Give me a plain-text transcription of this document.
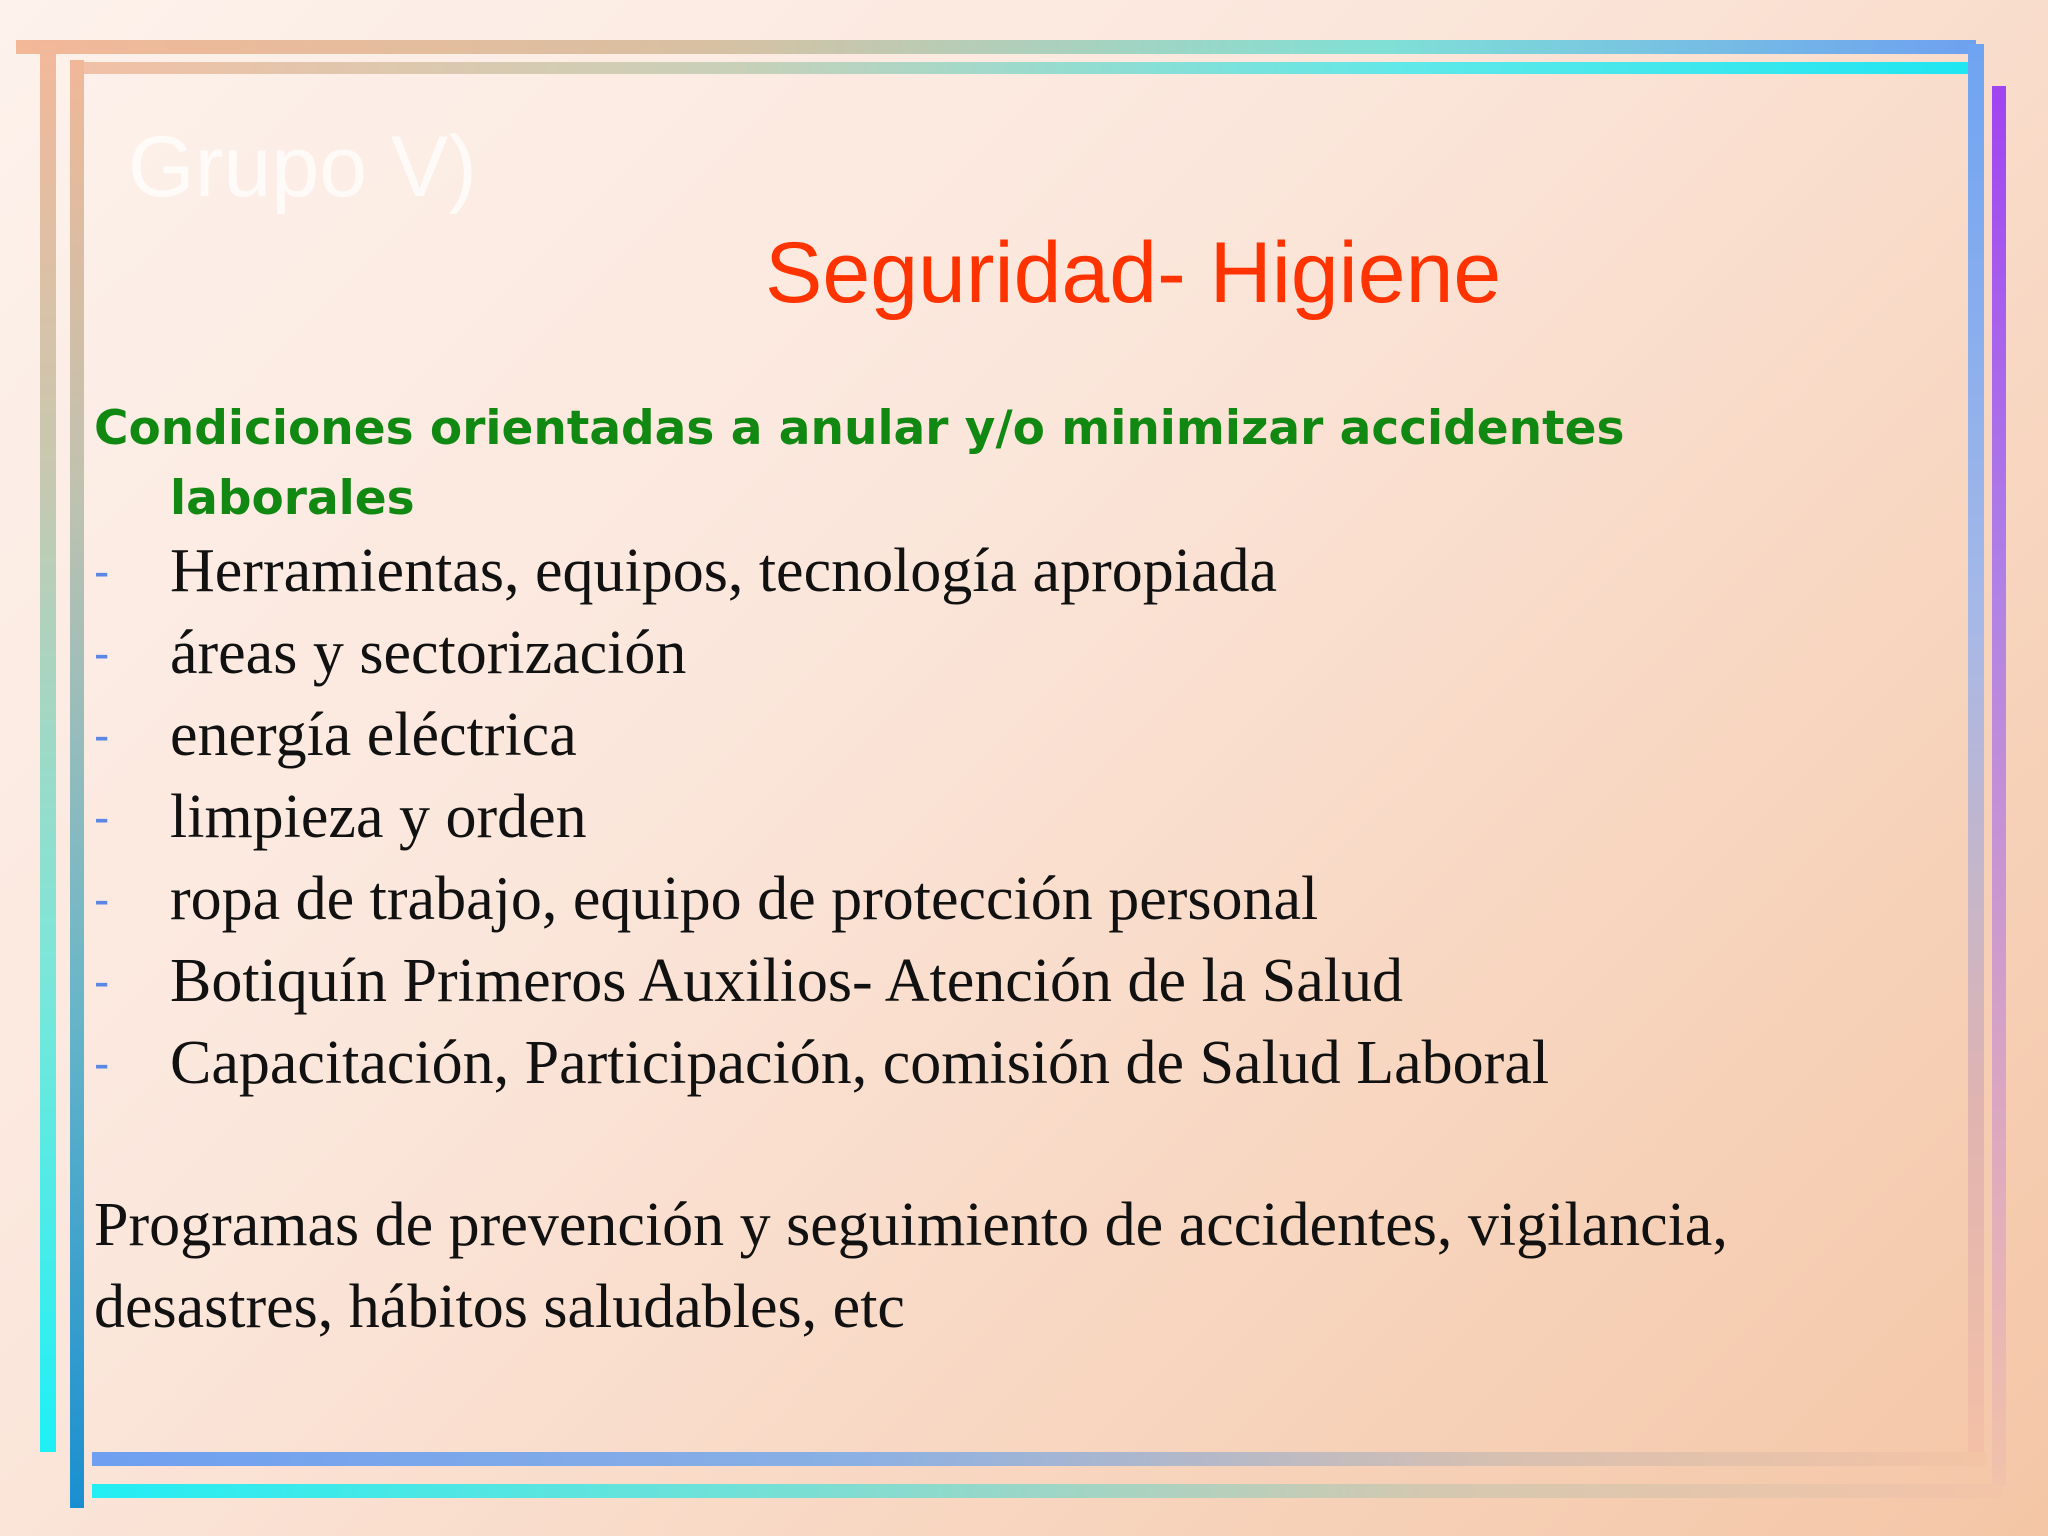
Grupo V)
Seguridad- Higiene
Condiciones orientadas a anular y/o minimizar accidentes
laborales
- Herramientas, equipos, tecnología apropiada
- áreas y sectorización
- energía eléctrica
- limpieza y orden
- ropa de trabajo, equipo de protección personal
- Botiquín Primeros Auxilios- Atención de la Salud
- Capacitación, Participación, comisión de Salud Laboral
Programas de prevención y seguimiento de accidentes, vigilancia,
desastres, hábitos saludables, etc
